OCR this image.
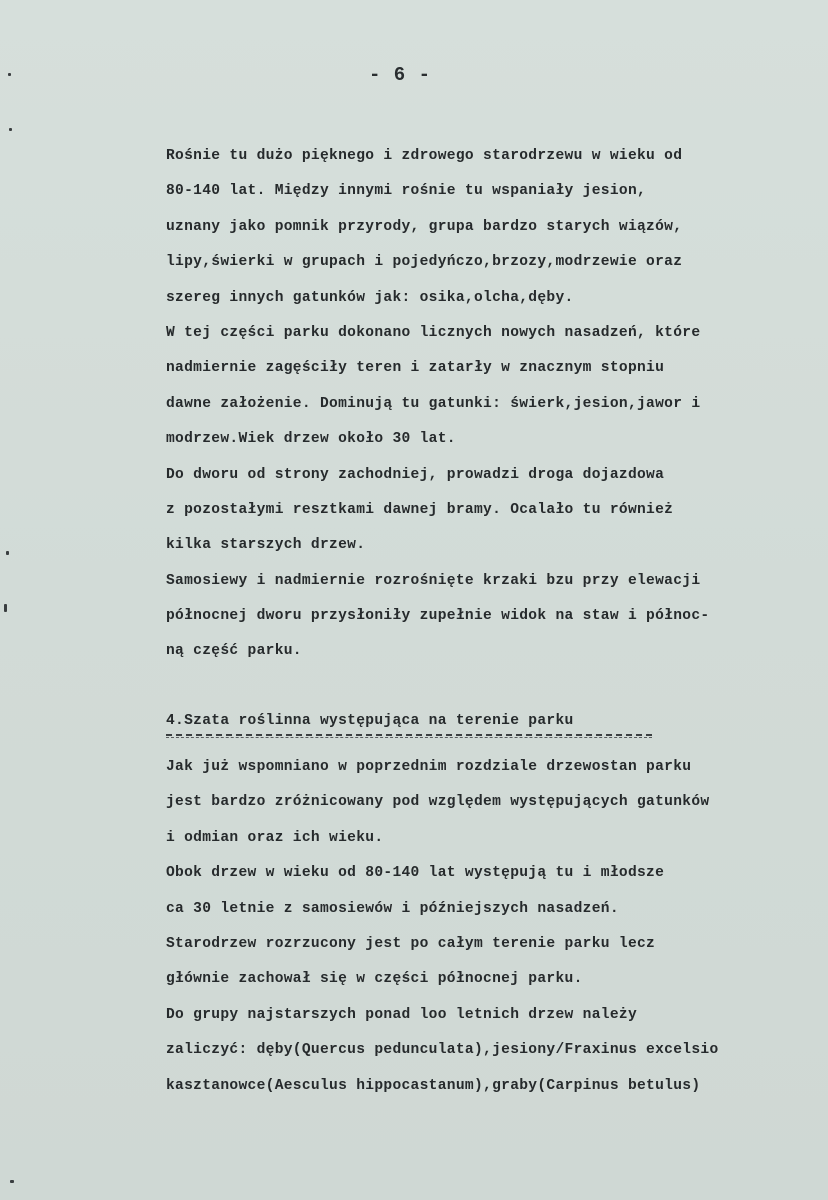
- 6 -
Rośnie tu dużo pięknego i zdrowego starodrzewu w wieku od
80-140 lat. Między innymi rośnie tu wspaniały jesion,
uznany jako pomnik przyrody, grupa bardzo starych wiązów,
lipy,świerki w grupach i pojedyńczo,brzozy,modrzewie oraz
szereg innych gatunków jak: osika,olcha,dęby.
W tej części parku dokonano licznych nowych nasadzeń, które
nadmiernie zagęściły teren i zatarły w znacznym stopniu
dawne założenie. Dominują tu gatunki: świerk,jesion,jawor i
modrzew.Wiek drzew około 30 lat.
Do dworu od strony zachodniej, prowadzi droga dojazdowa
z pozostałymi resztkami dawnej bramy. Ocalało tu również
kilka starszych drzew.
Samosiewy i nadmiernie rozrośnięte krzaki bzu przy elewacji
północnej dworu przysłoniły zupełnie widok na staw i północ-
ną część parku.
4.Szata roślinna występująca na terenie parku
Jak już wspomniano w poprzednim rozdziale drzewostan parku
jest bardzo zróżnicowany pod względem występujących gatunków
i odmian oraz ich wieku.
Obok drzew w wieku od 80-140 lat występują tu i młodsze
ca 30 letnie z samosiewów i późniejszych nasadzeń.
Starodrzew rozrzucony jest po całym terenie parku lecz
głównie zachował się w części północnej parku.
Do grupy najstarszych ponad loo letnich drzew należy
zaliczyć: dęby(Quercus pedunculata),jesiony/Fraxinus excelsio
kasztanowce(Aesculus hippocastanum),graby(Carpinus betulus)
